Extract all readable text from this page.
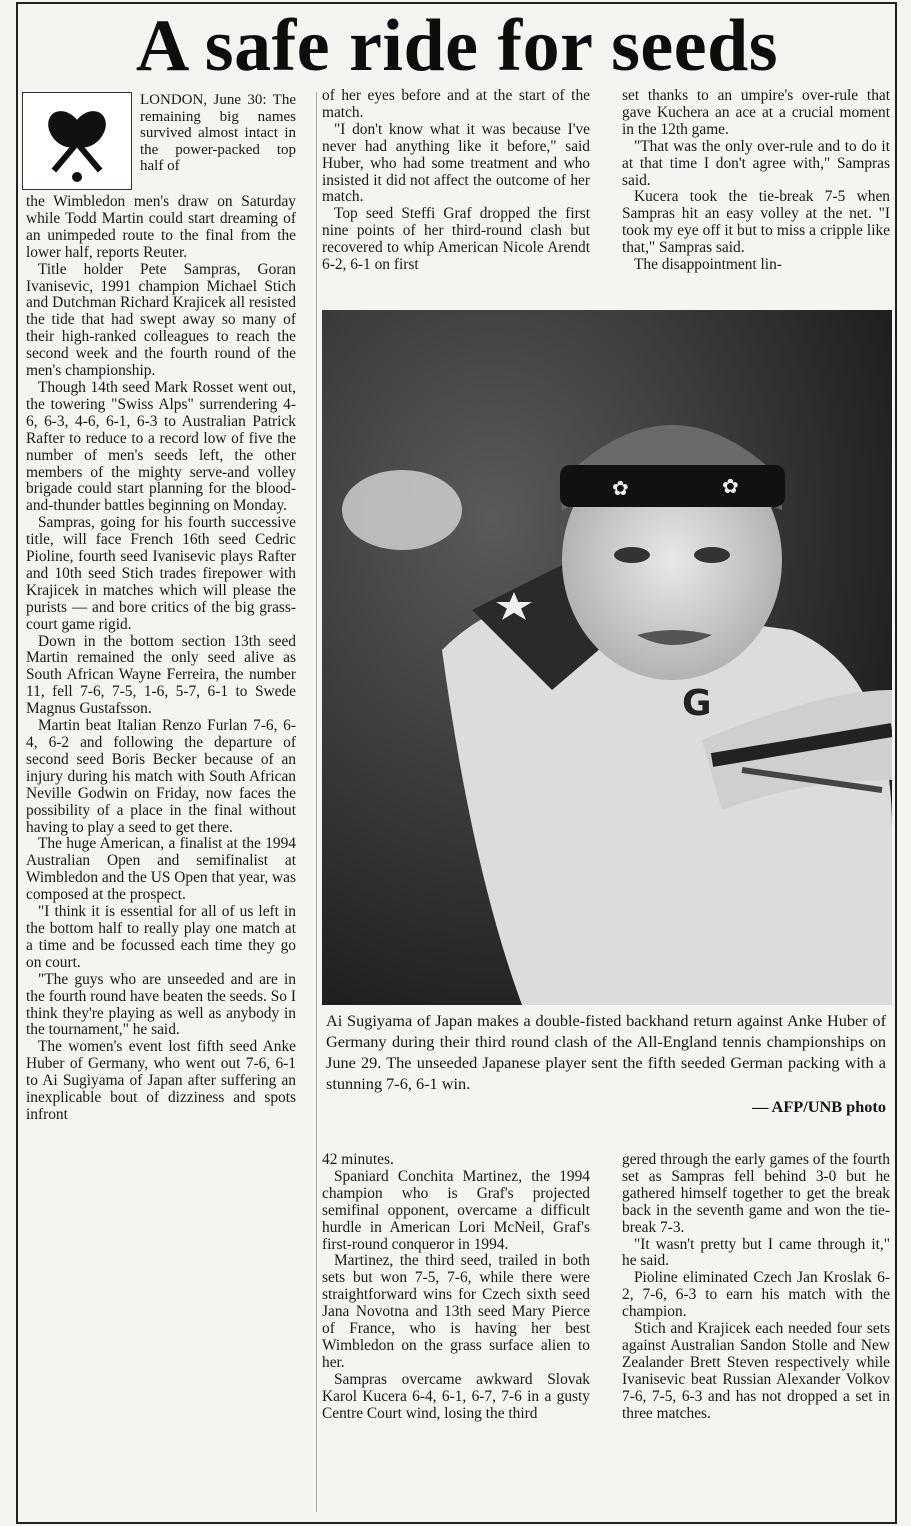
A safe ride for seeds

the Wimbledon men's draw on Saturday while Todd Martin could start dreaming of an unimpeded route to the final from the lower half, reports Reuter.

Title holder Pete Sampras, Goran Ivanisevic, 1991 champion Michael Stich and Dutchman Richard Krajicek all resisted the tide that had swept away so many of their high-ranked colleagues to reach the second week and the fourth round of the men's championship.

Though 14th seed Mark Rosset went out, the towering "Swiss Alps" surrendering 4-6, 6-3, 4-6, 6-1, 6-3 to Australian Patrick Rafter to reduce to a record low of five the number of men's seeds left, the other members of the mighty serve-and volley brigade could start planning for the blood-and-thunder battles beginning on Monday.

Sampras, going for his fourth successive title, will face French 16th seed Cedric Pioline, fourth seed Ivanisevic plays Rafter and 10th seed Stich trades firepower with Krajicek in matches which will please the purists — and bore critics of the big grass-court game rigid.

Down in the bottom section 13th seed Martin remained the only seed alive as South African Wayne Ferreira, the number 11, fell 7-6, 7-5, 1-6, 5-7, 6-1 to Swede Magnus Gustafsson.

Martin beat Italian Renzo Furlan 7-6, 6-4, 6-2 and following the departure of second seed Boris Becker because of an injury during his match with South African Neville Godwin on Friday, now faces the possibility of a place in the final without having to play a seed to get there.

The huge American, a finalist at the 1994 Australian Open and semifinalist at Wimbledon and the US Open that year, was composed at the prospect.

"I think it is essential for all of us left in the bottom half to really play one match at a time and be focussed each time they go on court.

"The guys who are unseeded and are in the fourth round have beaten the seeds. So I think they're playing as well as anybody in the tournament," he said.

The women's event lost fifth seed Anke Huber of Germany, who went out 7-6, 6-1 to Ai Sugiyama of Japan after suffering an inexplicable bout of dizziness and spots infront

LONDON, June 30: The remaining big names survived almost intact in the power-packed top half of

of her eyes before and at the start of the match.

"I don't know what it was because I've never had anything like it before," said Huber, who had some treatment and who insisted it did not affect the outcome of her match.

Top seed Steffi Graf dropped the first nine points of her third-round clash but recovered to whip American Nicole Arendt 6-2, 6-1 on first

set thanks to an umpire's over-rule that gave Kuchera an ace at a crucial moment in the 12th game.

"That was the only over-rule and to do it at that time I don't agree with," Sampras said.

Kucera took the tie-break 7-5 when Sampras hit an easy volley at the net. "I took my eye off it but to miss a cripple like that," Sampras said.

The disappointment lin-

✿	✿
G
Ai Sugiyama of Japan makes a double-fisted backhand return against Anke Huber of Germany during their third round clash of the All-England tennis championships on June 29. The unseeded Japanese player sent the fifth seeded German packing with a stunning 7-6, 6-1 win.
— AFP/UNB photo

42 minutes.

Spaniard Conchita Martinez, the 1994 champion who is Graf's projected semifinal opponent, overcame a difficult hurdle in American Lori McNeil, Graf's first-round conqueror in 1994.

Martinez, the third seed, trailed in both sets but won 7-5, 7-6, while there were straightforward wins for Czech sixth seed Jana Novotna and 13th seed Mary Pierce of France, who is having her best Wimbledon on the grass surface alien to her.

Sampras overcame awkward Slovak Karol Kucera 6-4, 6-1, 6-7, 7-6 in a gusty Centre Court wind, losing the third

gered through the early games of the fourth set as Sampras fell behind 3-0 but he gathered himself together to get the break back in the seventh game and won the tie-break 7-3.

"It wasn't pretty but I came through it," he said.

Pioline eliminated Czech Jan Kroslak 6-2, 7-6, 6-3 to earn his match with the champion.

Stich and Krajicek each needed four sets against Australian Sandon Stolle and New Zealander Brett Steven respectively while Ivanisevic beat Russian Alexander Volkov 7-6, 7-5, 6-3 and has not dropped a set in three matches.
